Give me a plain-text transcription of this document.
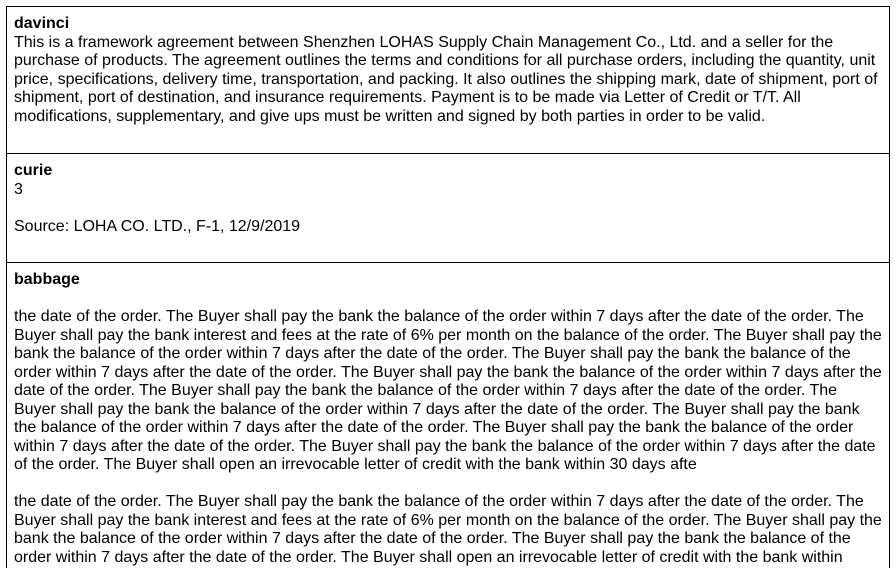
davinci
This is a framework agreement between Shenzhen LOHAS Supply Chain Management Co., Ltd. and a seller for the purchase of products. The agreement outlines the terms and conditions for all purchase orders, including the quantity, unit price, specifications, delivery time, transportation, and packing. It also outlines the shipping mark, date of shipment, port of shipment, port of destination, and insurance requirements. Payment is to be made via Letter of Credit or T/T. All modifications, supplementary, and give ups must be written and signed by both parties in order to be valid.
curie
3
Source: LOHA CO. LTD., F-1, 12/9/2019
babbage
the date of the order. The Buyer shall pay the bank the balance of the order within 7 days after the date of the order. The Buyer shall pay the bank interest and fees at the rate of 6% per month on the balance of the order. The Buyer shall pay the bank the balance of the order within 7 days after the date of the order. The Buyer shall pay the bank the balance of the order within 7 days after the date of the order. The Buyer shall pay the bank the balance of the order within 7 days after the date of the order. The Buyer shall pay the bank the balance of the order within 7 days after the date of the order. The Buyer shall pay the bank the balance of the order within 7 days after the date of the order. The Buyer shall pay the bank the balance of the order within 7 days after the date of the order. The Buyer shall pay the bank the balance of the order within 7 days after the date of the order. The Buyer shall pay the bank the balance of the order within 7 days after the date of the order. The Buyer shall open an irrevocable letter of credit with the bank within 30 days afte
the date of the order. The Buyer shall pay the bank the balance of the order within 7 days after the date of the order. The Buyer shall pay the bank interest and fees at the rate of 6% per month on the balance of the order. The Buyer shall pay the bank the balance of the order within 7 days after the date of the order. The Buyer shall pay the bank the balance of the order within 7 days after the date of the order. The Buyer shall open an irrevocable letter of credit with the bank within
